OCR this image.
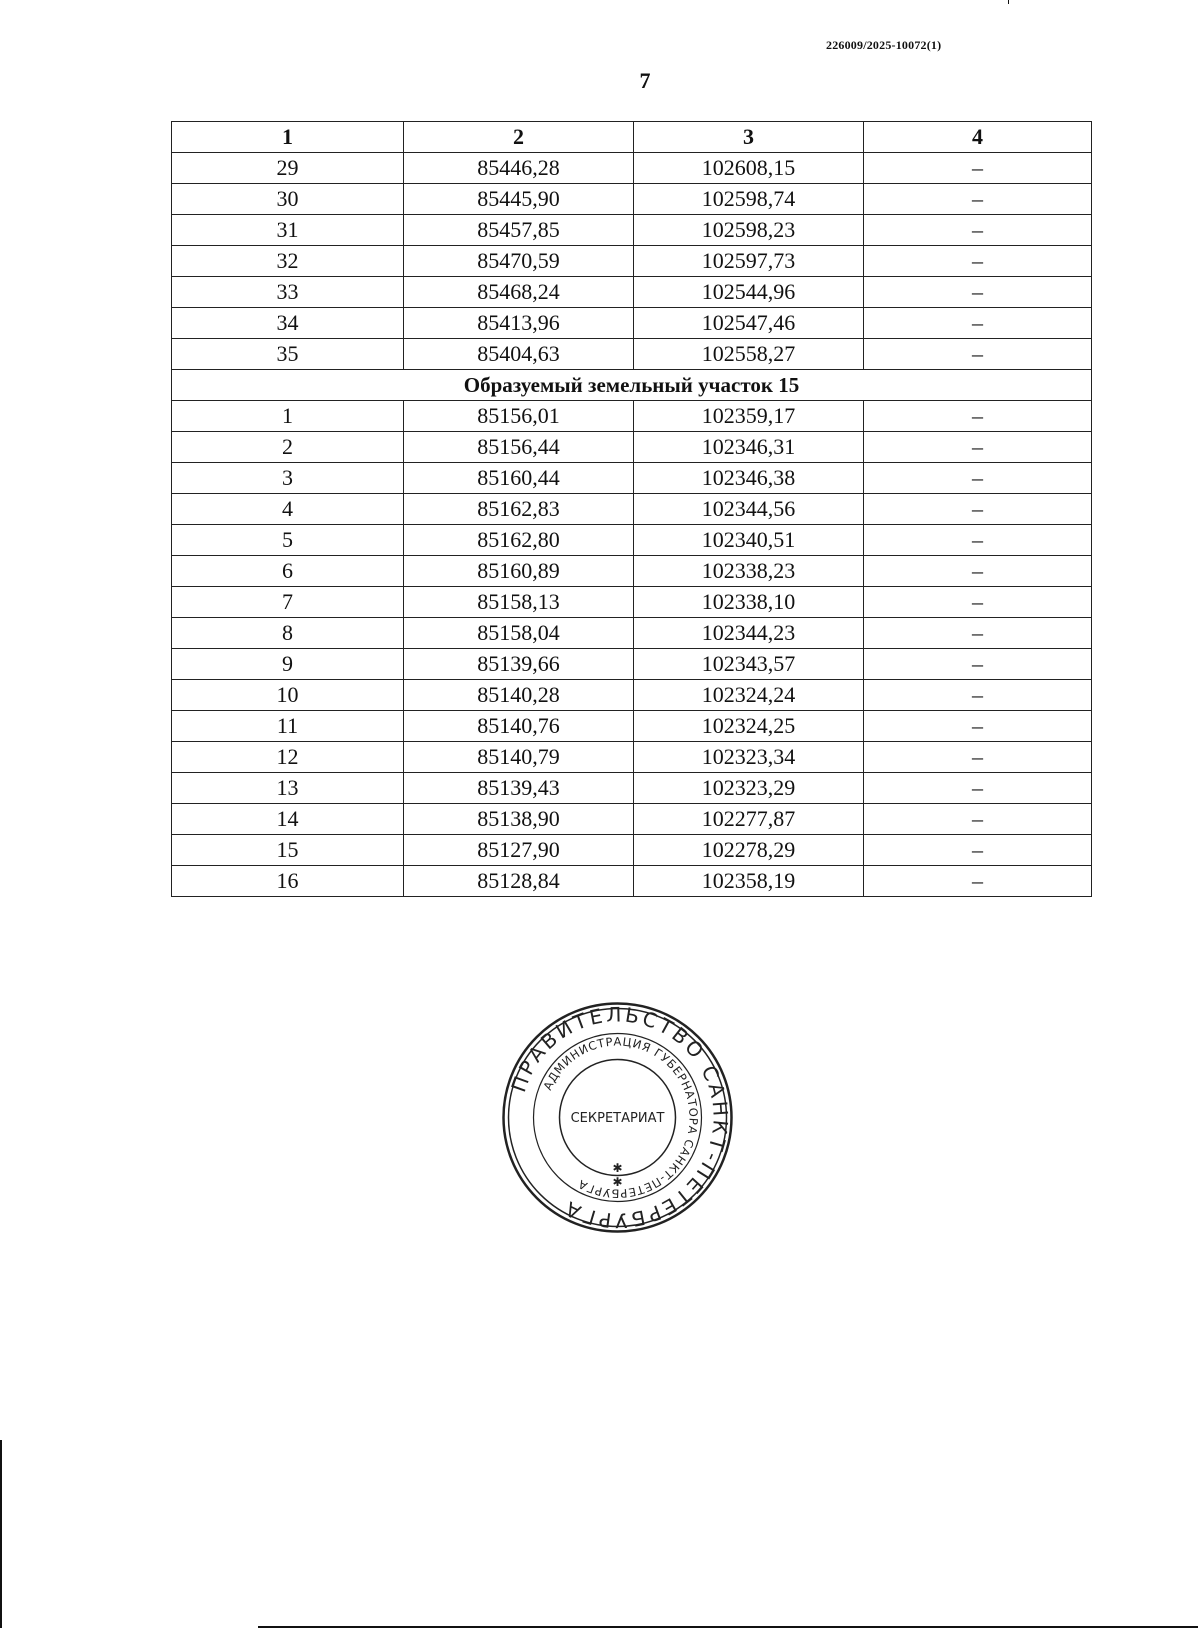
226009/2025-10072(1)
7
1	2	3	4
29	85446,28	102608,15	–
30	85445,90	102598,74	–
31	85457,85	102598,23	–
32	85470,59	102597,73	–
33	85468,24	102544,96	–
34	85413,96	102547,46	–
35	85404,63	102558,27	–
Образуемый земельный участок 15			
1	85156,01	102359,17	–
2	85156,44	102346,31	–
3	85160,44	102346,38	–
4	85162,83	102344,56	–
5	85162,80	102340,51	–
6	85160,89	102338,23	–
7	85158,13	102338,10	–
8	85158,04	102344,23	–
9	85139,66	102343,57	–
10	85140,28	102324,24	–
11	85140,76	102324,25	–
12	85140,79	102323,34	–
13	85139,43	102323,29	–
14	85138,90	102277,87	–
15	85127,90	102278,29	–
16	85128,84	102358,19	–
ПРАВИТЕЛЬСТВО САНКТ-ПЕТЕРБУРГА
АДМИНИСТРАЦИЯ ГУБЕРНАТОРА САНКТ-ПЕТЕРБУРГА
СЕКРЕТАРИАТ
✱
✱
